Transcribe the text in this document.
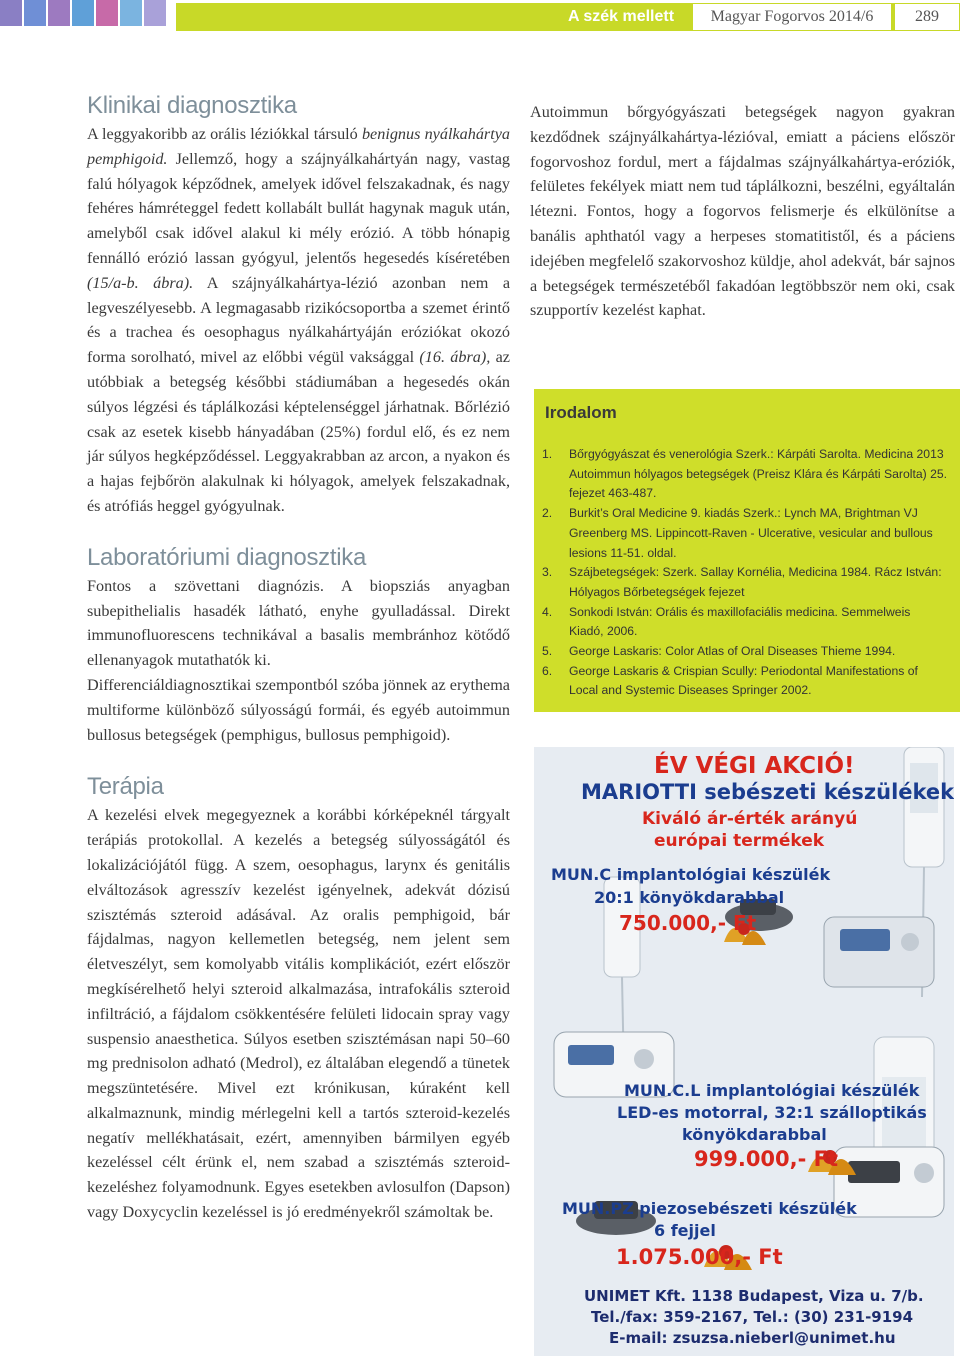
A szék mellett	Magyar Fogorvos 2014/6	289
Klinikai diagnosztika

A leggyakoribb az orális léziókkal társuló benignus nyálkahártya pemphigoid. Jellemző, hogy a szájnyálkahártyán nagy, vastag falú hólyagok képződnek, amelyek idővel felszakadnak, és nagy fehéres hámréteggel fedett kollabált bullát hagynak maguk után, amelyből csak idővel alakul ki mély erózió. A több hónapig fennálló erózió lassan gyógyul, jelentős hegesedés kíséretében (15/a-b. ábra). A szájnyálkahártya-lézió azonban nem a legveszélyesebb. A legmagasabb rizikócsoportba a szemet érintő és a trachea és oesophagus nyálkahártyáján eróziókat okozó forma sorolható, mivel az előbbi végül vaksággal (16. ábra), az utóbbiak a betegség későbbi stádiumában a hegesedés okán súlyos légzési és táplálkozási képtelenséggel járhatnak. Bőrlézió csak az esetek kisebb hányadában (25%) fordul elő, és ez nem jár súlyos hegképződéssel. Leggyakrabban az arcon, a nyakon és a hajas fejbőrön alakulnak ki hólyagok, amelyek felszakadnak, és atrófiás heggel gyógyulnak.

Laboratóriumi diagnosztika

Fontos a szövettani diagnózis. A biopsziás anyagban subepithelialis hasadék látható, enyhe gyulladással. Direkt immunofluorescens technikával a basalis membránhoz kötődő ellenanyagok mutathatók ki.

Differenciáldiagnosztikai szempontból szóba jönnek az erythema multiforme különböző súlyosságú formái, és egyéb autoimmun bullosus betegségek (pemphigus, bullosus pemphigoid).

Terápia

A kezelési elvek megegyeznek a korábbi kórképeknél tárgyalt terápiás protokollal. A kezelés a betegség súlyosságától és lokalizációjától függ. A szem, oesophagus, larynx és genitális elváltozások agresszív kezelést igényelnek, adekvát dózisú szisztémás szteroid adásával. Az oralis pemphigoid, bár fájdalmas, nagyon kellemetlen betegség, nem jelent sem életveszélyt, sem komolyabb vitális komplikációt, ezért először megkísérelhető helyi szteroid alkalmazása, intrafokális szteroid infiltráció, a fájdalom csökkentésére felületi lidocain spray vagy suspensio anaesthetica. Súlyos esetben szisztémásan napi 50–60 mg prednisolon adható (Medrol), ez általában elegendő a tünetek megszüntetésére. Mivel ezt krónikusan, kúraként kell alkalmaznunk, mindig mérlegelni kell a tartós szteroid-kezelés negatív mellékhatásait, ezért, amennyiben bármilyen egyéb kezeléssel célt érünk el, nem szabad a szisztémás szteroid-kezeléshez folyamodnunk. Egyes esetekben avlosulfon (Dapson) vagy Doxycyclin kezeléssel is jó eredményekről számoltak be.

Autoimmun bőrgyógyászati betegségek nagyon gyakran kezdődnek szájnyálkahártya-lézióval, emiatt a páciens először fogorvoshoz fordul, mert a fájdalmas szájnyálkahártya-eróziók, felületes fekélyek miatt nem tud táplálkozni, beszélni, egyáltalán létezni. Fontos, hogy a fogorvos felismerje és elkülönítse a banális aphthatól vagy a herpeses stomatitistől, és a páciens idejében megfelelő szakorvoshoz küldje, ahol adekvát, bár sajnos a betegségek természetéből fakadóan legtöbbször nem oki, csak szupportív kezelést kaphat.

Irodalom
1. Bőrgyógyászat és venerológia Szerk.: Kárpáti Sarolta. Medicina 2013 Autoimmun hólyagos betegségek (Preisz Klára és Kárpáti Sarolta) 25. fejezet 463-487.
2. Burkit’s Oral Medicine 9. kiadás Szerk.: Lynch MA, Brightman VJ Greenberg MS. Lippincott-Raven - Ulcerative, vesicular and bullous lesions 11-51. oldal.
3. Szájbetegségek: Szerk. Sallay Kornélia, Medicina 1984. Rácz István: Hólyagos Bőrbetegségek fejezet
4. Sonkodi István: Orális és maxillofaciális medicina. Semmelweis Kiadó, 2006.
5. George Laskaris: Color Atlas of Oral Diseases Thieme 1994.
6. George Laskaris & Crispian Scully: Periodontal Manifestations of Local and Systemic Diseases Springer 2002.
ÉV VÉGI AKCIÓ!
MARIOTTI sebészeti készülékek
Kiváló ár-érték arányú
európai termékek
MUN.C implantológiai készülék
20:1 könyökdarabbal
750.000,- Ft
MUN.C.L implantológiai készülék
LED-es motorral, 32:1 szálloptikás
könyökdarabbal
999.000,- Ft
MUN.PZ piezosebészeti készülék
6 fejjel
1.075.000,- Ft
UNIMET Kft. 1138 Budapest, Viza u. 7/b.
Tel./fax: 359-2167, Tel.: (30) 231-9194
E-mail: zsuzsa.nieberl@unimet.hu
